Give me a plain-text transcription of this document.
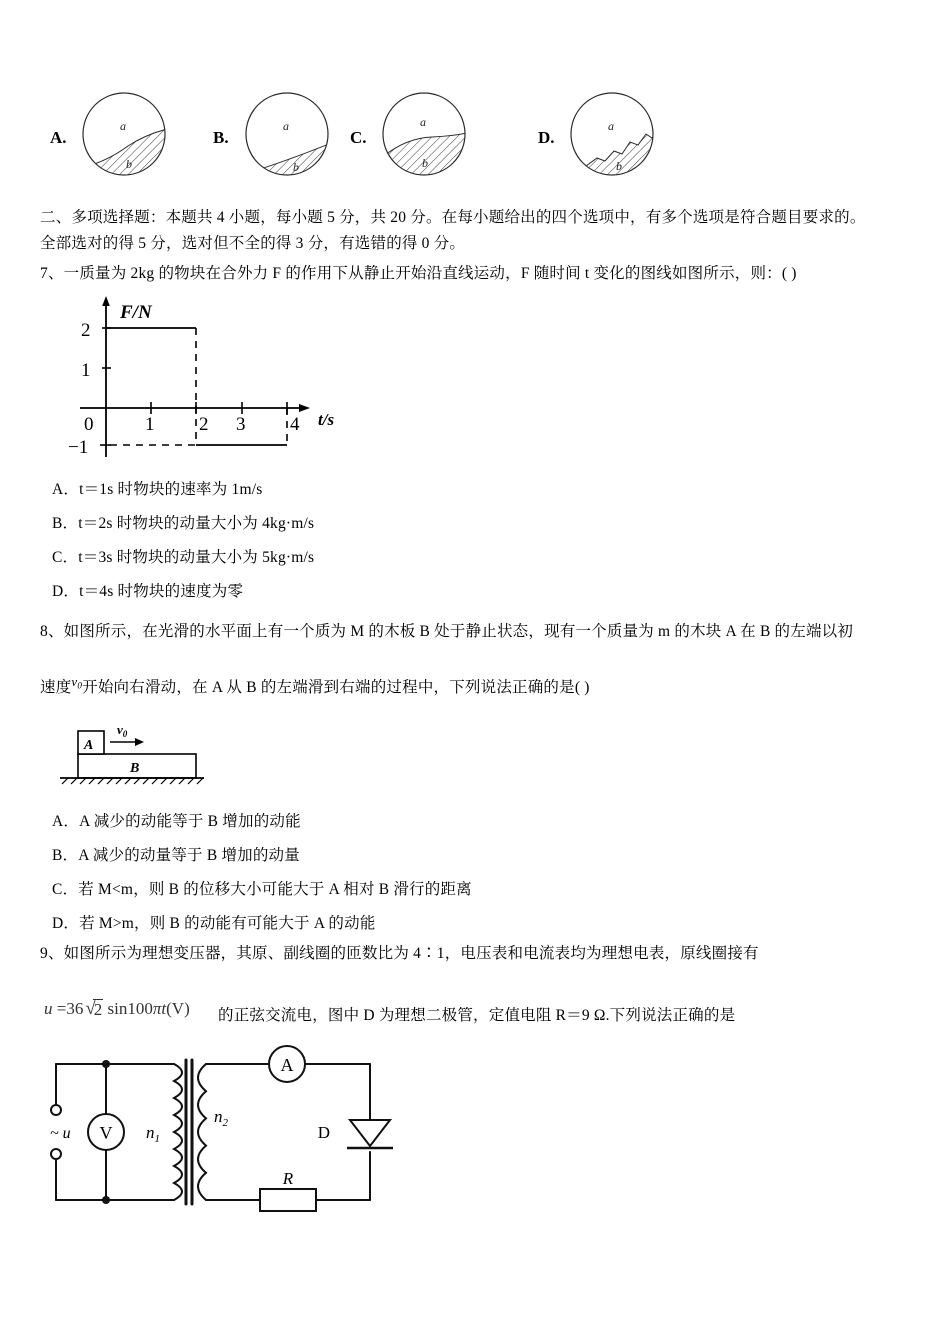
A.
a
b
B.
a
b
C.
a
b
D.
a
b
二、多项选择题：本题共 4 小题，每小题 5 分，共 20 分。在每小题给出的四个选项中，有多个选项是符合题目要求的。
全部选对的得 5 分，选对但不全的得 3 分，有选错的得 0 分。
7、一质量为 2kg 的物块在合外力 F 的作用下从静止开始沿直线运动，F 随时间 t 变化的图线如图所示，则：( )
F/N
t/s
2
1
−1
0	1 2 3 4
A．t＝1s 时物块的速率为 1m/s
B．t＝2s 时物块的动量大小为 4kg·m/s
C．t＝3s 时物块的动量大小为 5kg·m/s
D．t＝4s 时物块的速度为零
8、如图所示，在光滑的水平面上有一个质为 M 的木板 B 处于静止状态，现有一个质量为 m 的木块 A 在 B 的左端以初
速度$^{v0}$开始向右滑动，在 A 从 B 的左端滑到右端的过程中，下列说法正确的是( )
A
B
$v_0$
A．A 减少的动能等于 B 增加的动能
B．A 减少的动量等于 B 增加的动量
C．若 M<m，则 B 的位移大小可能大于 A 相对 B 滑行的距离
D．若 M>m，则 B 的动能有可能大于 A 的动能
9、如图所示为理想变压器，其原、副线圈的匝数比为 4∶1，电压表和电流表均为理想电表，原线圈接有
u =36 √2 sin100πt(V) 的正弦交流电，图中 D 为理想二极管，定值电阻 R＝9 Ω.下列说法正确的是
V
A
D
R
~ u	$n_1$
$n_2$
